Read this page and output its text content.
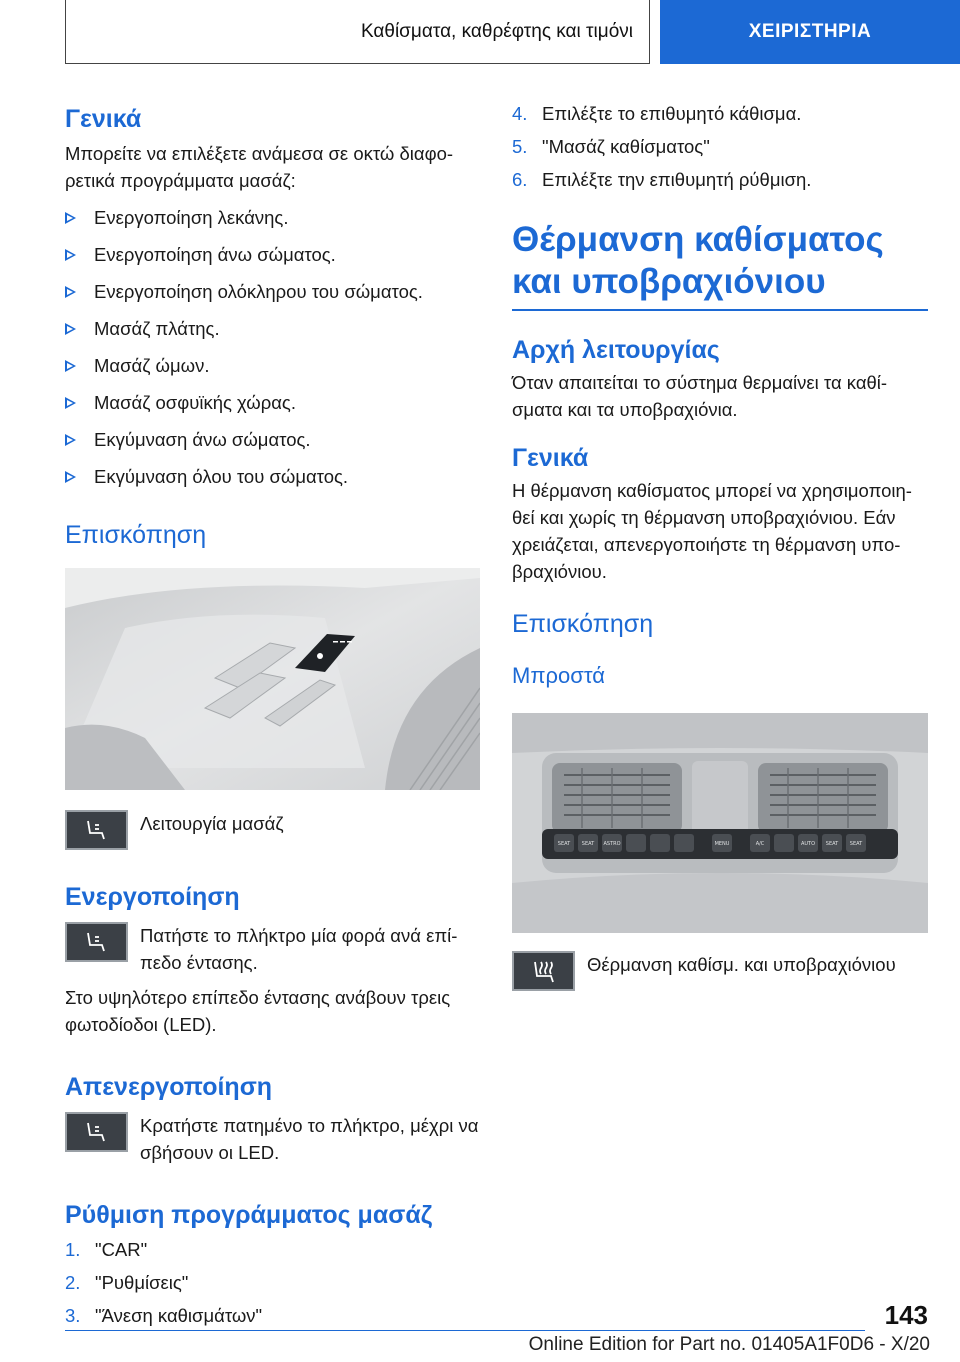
Καθίσματα, καθρέφτης και τιμόνι	ΧΕΙΡΙΣΤΗΡΙΑ
Γενικά

Μπορείτε να επιλέξετε ανάμεσα σε οκτώ διαφο-ρετικά προγράμματα μασάζ:

Ενεργοποίηση λεκάνης.
Ενεργοποίηση άνω σώματος.
Ενεργοποίηση ολόκληρου του σώματος.
Μασάζ πλάτης.
Μασάζ ώμων.
Μασάζ οσφυϊκής χώρας.
Εκγύμναση άνω σώματος.
Εκγύμναση όλου του σώματος.
Επισκόπηση
Λειτουργία μασάζ
Ενεργοποίηση
Πατήστε το πλήκτρο μία φορά ανά επί-πεδο έντασης.

Στο υψηλότερο επίπεδο έντασης ανάβουν τρεις φωτοδίοδοι (LED).

Απενεργοποίηση
Κρατήστε πατημένο το πλήκτρο, μέχρι να σβήσουν οι LED.
Ρύθμιση προγράμματος μασάζ
1. "CAR"
2. "Ρυθμίσεις"
3. "Άνεση καθισμάτων"
4. Επιλέξτε το επιθυμητό κάθισμα.
5. "Μασάζ καθίσματος"
6. Επιλέξτε την επιθυμητή ρύθμιση.
Θέρμανση καθίσματος και υποβραχιόνιου
Αρχή λειτουργίας

Όταν απαιτείται το σύστημα θερμαίνει τα καθί-σματα και τα υποβραχιόνια.

Γενικά

Η θέρμανση καθίσματος μπορεί να χρησιμοποιη-θεί και χωρίς τη θέρμανση υποβραχιόνιου. Εάν χρειάζεται, απενεργοποιήστε τη θέρμανση υπο-βραχιόνιου.

Επισκόπηση
Μπροστά
SEAT SEAT ASTRO	MENU	A/C	AUTO SEAT SEAT
Θέρμανση καθίσμ. και υποβραχιόνιου
143
Online Edition for Part no. 01405A1F0D6 - X/20
